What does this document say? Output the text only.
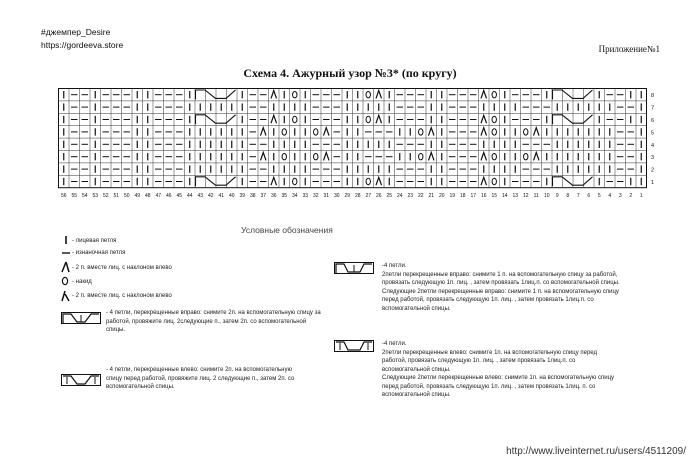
#джемпер_Desire
https://gordeeva.store	Приложение№1
Схема 4. Ажурный узор №3* (по кругу)
8
7
6
5
4
3
2
1
56 55 54 53 52 51 50 49 48 47 46 45 44 43 42 41 40 39 38 37 36 35 34 33 32 31 30 29 28 27 26 25 24 23 22 21 20 19 18 17 16 15 14 13 12 11 10 9 8 7 6 5 4 3 2 1
Условные обозначения
- лицевая петля
- изнаночная петля
- 2 п. вместе лиц. с наклоном влево
- накид
- 2 п. вместе лиц. с наклоном влево
- 4 петли, перекрещенные вправо: снимите 2п. на вспомогательную спицу за работой, провяжите лиц. 2следующие п., затем 2п. со вспомогательной спицы.
- 4 петли, перекрещенные влево: снимите 2п. на вспомогательную спицу перед работой, провяжите лиц. 2 следующие п., затем 2п. со вспомогательной спицы.
-4 петли.
2петли перекрещенные вправо: снимите 1 п. на вспомогательную спицу за работой, провязать следующую 1п. лиц. , затем провязать 1лиц.п. со вспомогательной спицы.
Следующие 2петли перекрещенные вправо: снимите 1 п. на вспомогательную спицу перед работой, провязать следующую 1п. лиц. , затем провязать 1лиц.п. со вспомогательной спицы.
-4 петли.
2петли перекрещенные влево: снимите 1п. на вспомогательную спицу перед работой, провязать следующую 1п. лиц. , затем провязать 1лиц.п. со вспомогательной спицы.
Следующие 2петли перекрещенные влево: снимите 1п. на вспомогательную спицу перед работой, провязать следующую 1п. лиц. , затем провязать 1лиц. п. со вспомогательной спицы.
http://www.liveinternet.ru/users/4511209/
